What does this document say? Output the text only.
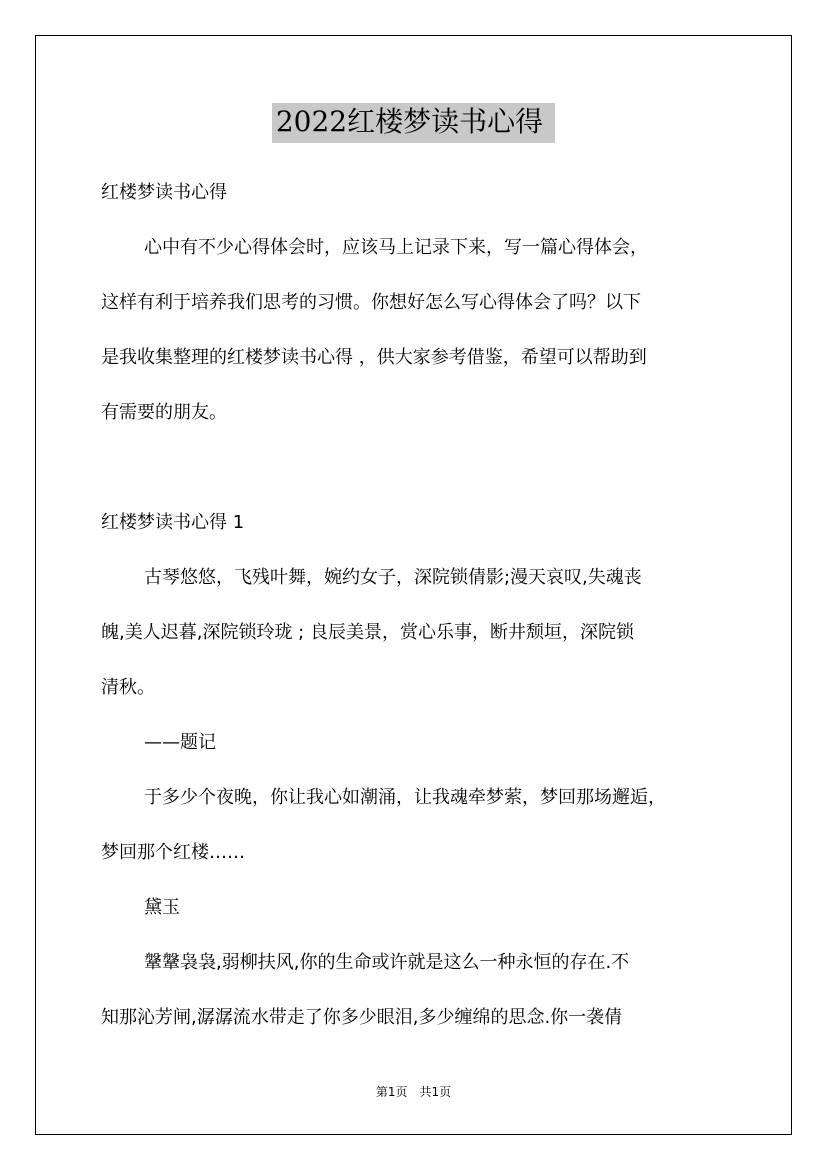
2022红楼梦读书心得
红楼梦读书心得
心中有不少心得体会时，应该马上记录下来，写一篇心得体会，
这样有利于培养我们思考的习惯。你想好怎么写心得体会了吗？以下
是我收集整理的红楼梦读书心得 ，供大家参考借鉴，希望可以帮助到
有需要的朋友。
红楼梦读书心得 1
古琴悠悠，飞残叶舞，婉约女子，深院锁倩影;漫天哀叹,失魂丧
魄,美人迟暮,深院锁玲珑 ; 良辰美景，赏心乐事，断井颓垣，深院锁
清秋。
——题记
于多少个夜晚，你让我心如潮涌，让我魂牵梦萦，梦回那场邂逅，
梦回那个红楼……
黛玉
鞶鞶袅袅,弱柳扶风,你的生命或许就是这么一种永恒的存在.不
知那沁芳闸,潺潺流水带走了你多少眼泪,多少缠绵的思念.你一袭倩
第1页　共1页
